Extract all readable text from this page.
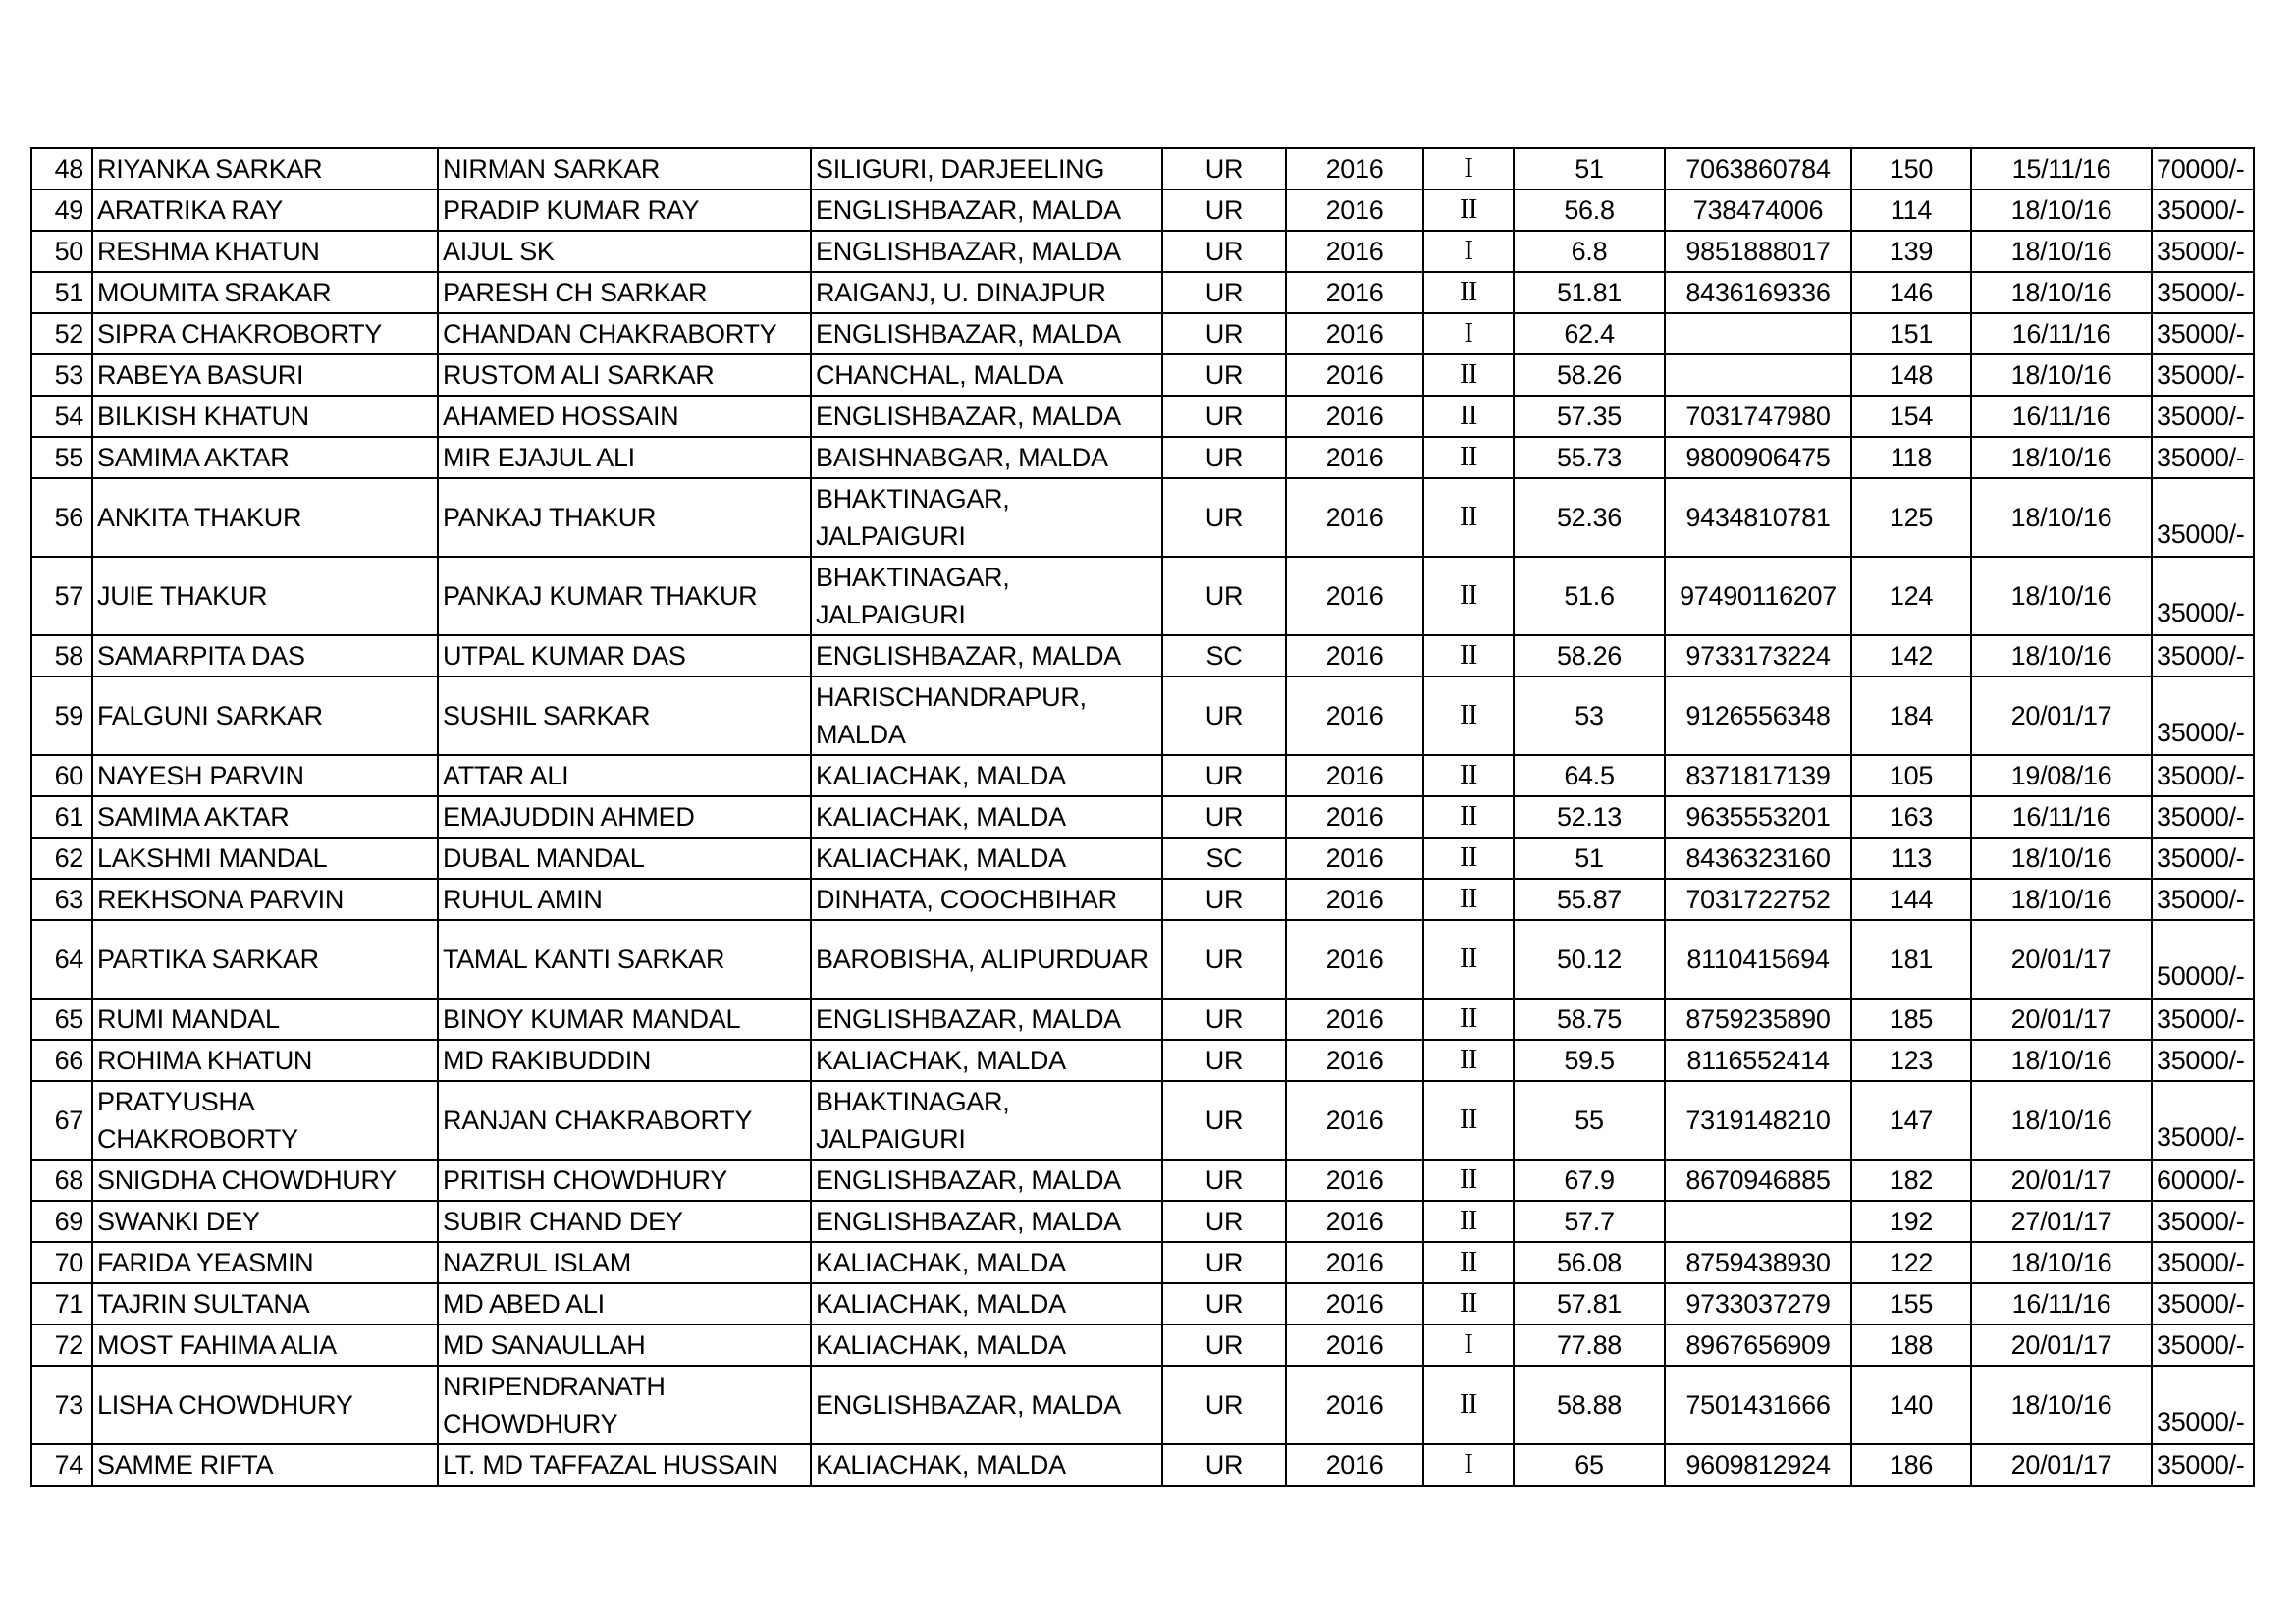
48	RIYANKA SARKAR	NIRMAN SARKAR	SILIGURI, DARJEELING	UR	2016	I	51	7063860784	150	15/11/16	70000/-
49	ARATRIKA RAY	PRADIP KUMAR RAY	ENGLISHBAZAR, MALDA	UR	2016	II	56.8	738474006	114	18/10/16	35000/-
50	RESHMA KHATUN	AIJUL SK	ENGLISHBAZAR, MALDA	UR	2016	I	6.8	9851888017	139	18/10/16	35000/-
51	MOUMITA SRAKAR	PARESH CH SARKAR	RAIGANJ, U. DINAJPUR	UR	2016	II	51.81	8436169336	146	18/10/16	35000/-
52	SIPRA CHAKROBORTY	CHANDAN CHAKRABORTY	ENGLISHBAZAR, MALDA	UR	2016	I	62.4		151	16/11/16	35000/-
53	RABEYA BASURI	RUSTOM ALI SARKAR	CHANCHAL, MALDA	UR	2016	II	58.26		148	18/10/16	35000/-
54	BILKISH KHATUN	AHAMED HOSSAIN	ENGLISHBAZAR, MALDA	UR	2016	II	57.35	7031747980	154	16/11/16	35000/-
55	SAMIMA AKTAR	MIR EJAJUL ALI	BAISHNABGAR, MALDA	UR	2016	II	55.73	9800906475	118	18/10/16	35000/-
56	ANKITA THAKUR	PANKAJ THAKUR	BHAKTINAGAR, JALPAIGURI	UR	2016	II	52.36	9434810781	125	18/10/16	35000/-
57	JUIE THAKUR	PANKAJ KUMAR THAKUR	BHAKTINAGAR, JALPAIGURI	UR	2016	II	51.6	97490116207	124	18/10/16	35000/-
58	SAMARPITA DAS	UTPAL KUMAR DAS	ENGLISHBAZAR, MALDA	SC	2016	II	58.26	9733173224	142	18/10/16	35000/-
59	FALGUNI SARKAR	SUSHIL SARKAR	HARISCHANDRAPUR, MALDA	UR	2016	II	53	9126556348	184	20/01/17	35000/-
60	NAYESH PARVIN	ATTAR ALI	KALIACHAK, MALDA	UR	2016	II	64.5	8371817139	105	19/08/16	35000/-
61	SAMIMA AKTAR	EMAJUDDIN AHMED	KALIACHAK, MALDA	UR	2016	II	52.13	9635553201	163	16/11/16	35000/-
62	LAKSHMI MANDAL	DUBAL MANDAL	KALIACHAK, MALDA	SC	2016	II	51	8436323160	113	18/10/16	35000/-
63	REKHSONA PARVIN	RUHUL AMIN	DINHATA, COOCHBIHAR	UR	2016	II	55.87	7031722752	144	18/10/16	35000/-
64	PARTIKA SARKAR	TAMAL KANTI SARKAR	BAROBISHA, ALIPURDUAR	UR	2016	II	50.12	8110415694	181	20/01/17	50000/-
65	RUMI MANDAL	BINOY KUMAR MANDAL	ENGLISHBAZAR, MALDA	UR	2016	II	58.75	8759235890	185	20/01/17	35000/-
66	ROHIMA KHATUN	MD RAKIBUDDIN	KALIACHAK, MALDA	UR	2016	II	59.5	8116552414	123	18/10/16	35000/-
67	PRATYUSHA CHAKROBORTY	RANJAN CHAKRABORTY	BHAKTINAGAR, JALPAIGURI	UR	2016	II	55	7319148210	147	18/10/16	35000/-
68	SNIGDHA CHOWDHURY	PRITISH CHOWDHURY	ENGLISHBAZAR, MALDA	UR	2016	II	67.9	8670946885	182	20/01/17	60000/-
69	SWANKI DEY	SUBIR CHAND DEY	ENGLISHBAZAR, MALDA	UR	2016	II	57.7		192	27/01/17	35000/-
70	FARIDA YEASMIN	NAZRUL ISLAM	KALIACHAK, MALDA	UR	2016	II	56.08	8759438930	122	18/10/16	35000/-
71	TAJRIN SULTANA	MD ABED ALI	KALIACHAK, MALDA	UR	2016	II	57.81	9733037279	155	16/11/16	35000/-
72	MOST FAHIMA ALIA	MD SANAULLAH	KALIACHAK, MALDA	UR	2016	I	77.88	8967656909	188	20/01/17	35000/-
73	LISHA CHOWDHURY	NRIPENDRANATH CHOWDHURY	ENGLISHBAZAR, MALDA	UR	2016	II	58.88	7501431666	140	18/10/16	35000/-
74	SAMME RIFTA	LT. MD TAFFAZAL HUSSAIN	KALIACHAK, MALDA	UR	2016	I	65	9609812924	186	20/01/17	35000/-
